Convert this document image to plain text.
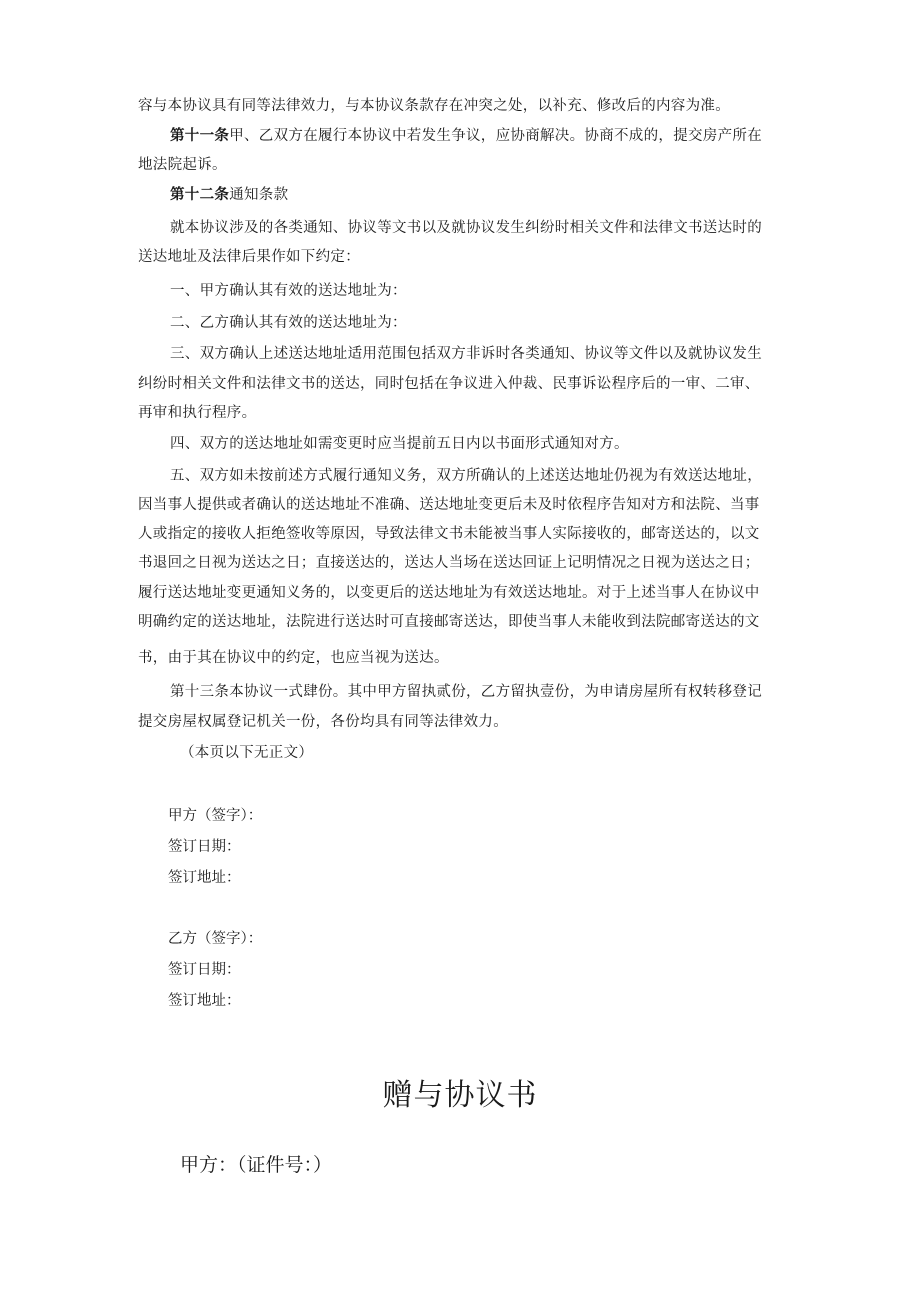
容与本协议具有同等法律效力，与本协议条款存在冲突之处，以补充、修改后的内容为准。
第十一条甲、乙双方在履行本协议中若发生争议，应协商解决。协商不成的，提交房产所在
地法院起诉。
第十二条通知条款
就本协议涉及的各类通知、协议等文书以及就协议发生纠纷时相关文件和法律文书送达时的
送达地址及法律后果作如下约定：
一、甲方确认其有效的送达地址为：
二、乙方确认其有效的送达地址为：
三、双方确认上述送达地址适用范围包括双方非诉时各类通知、协议等文件以及就协议发生
纠纷时相关文件和法律文书的送达，同时包括在争议进入仲裁、民事诉讼程序后的一审、二审、
再审和执行程序。
四、双方的送达地址如需变更时应当提前五日内以书面形式通知对方。
五、双方如未按前述方式履行通知义务，双方所确认的上述送达地址仍视为有效送达地址，
因当事人提供或者确认的送达地址不准确、送达地址变更后未及时依程序告知对方和法院、当事
人或指定的接收人拒绝签收等原因，导致法律文书未能被当事人实际接收的，邮寄送达的，以文
书退回之日视为送达之日；直接送达的，送达人当场在送达回证上记明情况之日视为送达之日；
履行送达地址变更通知义务的，以变更后的送达地址为有效送达地址。对于上述当事人在协议中
明确约定的送达地址，法院进行送达时可直接邮寄送达，即使当事人未能收到法院邮寄送达的文
书，由于其在协议中的约定，也应当视为送达。
第十三条本协议一式肆份。其中甲方留执贰份，乙方留执壹份，为申请房屋所有权转移登记
提交房屋权属登记机关一份，各份均具有同等法律效力。
（本页以下无正文）
甲方（签字）：
签订日期：
签订地址：
乙方（签字）：
签订日期：
签订地址：
赠与协议书
甲方：（证件号：）
